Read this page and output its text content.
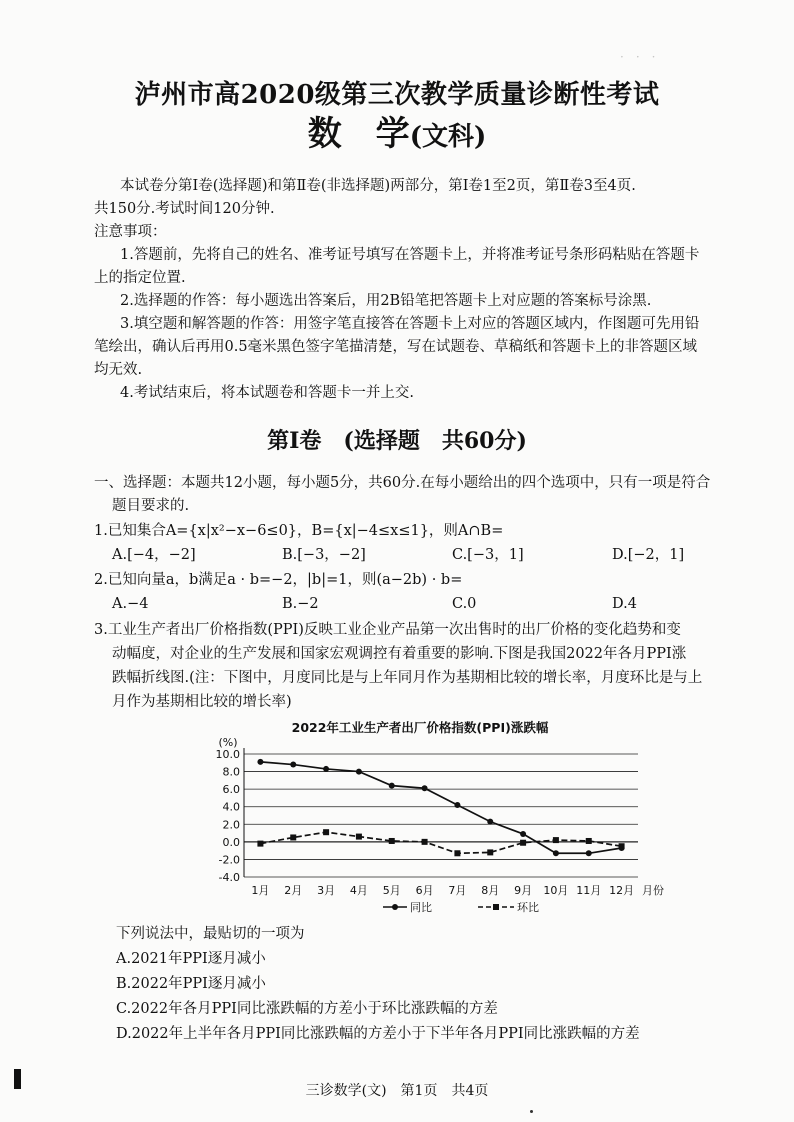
泸州市高2020级第三次教学质量诊断性考试
数　学(文科)
·　·　·
本试卷分第Ⅰ卷(选择题)和第Ⅱ卷(非选择题)两部分，第Ⅰ卷1至2页，第Ⅱ卷3至4页.
共150分.考试时间120分钟.
注意事项：
1.答题前，先将自己的姓名、准考证号填写在答题卡上，并将准考证号条形码粘贴在答题卡
上的指定位置.
2.选择题的作答：每小题选出答案后，用2B铅笔把答题卡上对应题的答案标号涂黑.
3.填空题和解答题的作答：用签字笔直接答在答题卡上对应的答题区域内，作图题可先用铅
笔绘出，确认后再用0.5毫米黑色签字笔描清楚，写在试题卷、草稿纸和答题卡上的非答题区域
均无效.
4.考试结束后，将本试题卷和答题卡一并上交.
第Ⅰ卷　(选择题　共60分)
一、选择题：本题共12小题，每小题5分，共60分.在每小题给出的四个选项中，只有一项是符合
题目要求的.
1.已知集合A={x|x²−x−6≤0}，B={x|−4≤x≤1}，则A∩B=
A.[−4，−2]	B.[−3，−2]	C.[−3，1]	D.[−2，1]
2.已知向量a，b满足a · b=−2，|b|=1，则(a−2b) · b=
A.−4	B.−2	C.0	D.4
3.工业生产者出厂价格指数(PPI)反映工业企业产品第一次出售时的出厂价格的变化趋势和变
动幅度，对企业的生产发展和国家宏观调控有着重要的影响.下图是我国2022年各月PPI涨
跌幅折线图.(注：下图中，月度同比是与上年同月作为基期相比较的增长率，月度环比是与上
月作为基期相比较的增长率)
2022年工业生产者出厂价格指数(PPI)涨跌幅
(%)
10.0
8.0
6.0
4.0
2.0
0.0
-2.0
-4.0
1月 2月 3月 4月 5月 6月 7月 8月 9月 10月 11月 12月 月份
同比	环比
下列说法中，最贴切的一项为
A.2021年PPI逐月减小
B.2022年PPI逐月减小
C.2022年各月PPI同比涨跌幅的方差小于环比涨跌幅的方差
D.2022年上半年各月PPI同比涨跌幅的方差小于下半年各月PPI同比涨跌幅的方差
三诊数学(文)　第1页　共4页
